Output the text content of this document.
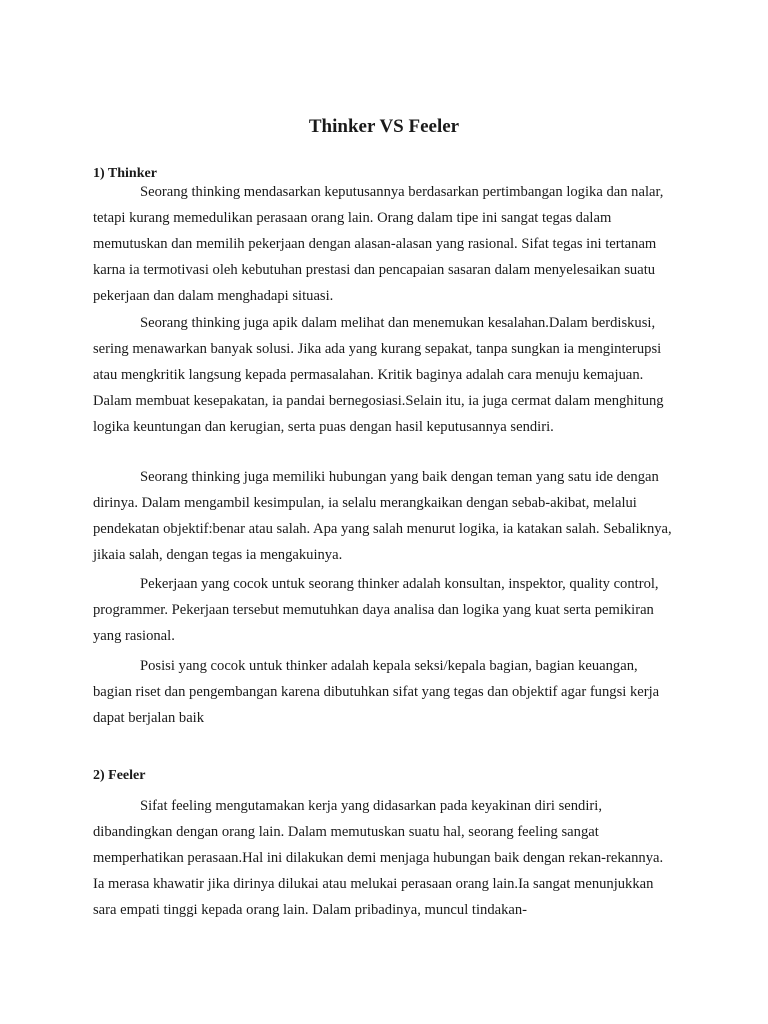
Thinker VS Feeler
1) Thinker

Seorang thinking mendasarkan keputusannya berdasarkan pertimbangan logika dan nalar, tetapi kurang memedulikan perasaan orang lain. Orang dalam tipe ini sangat tegas dalam memutuskan dan memilih pekerjaan dengan alasan-alasan yang rasional. Sifat tegas ini tertanam karna ia termotivasi oleh kebutuhan prestasi dan pencapaian sasaran dalam menyelesaikan suatu pekerjaan dan dalam menghadapi situasi.

Seorang thinking juga apik dalam melihat dan menemukan kesalahan.Dalam berdiskusi, sering menawarkan banyak solusi. Jika ada yang kurang sepakat, tanpa sungkan ia menginterupsi atau mengkritik langsung kepada permasalahan. Kritik baginya adalah cara menuju kemajuan. Dalam membuat kesepakatan, ia pandai bernegosiasi.Selain itu, ia juga cermat dalam menghitung logika keuntungan dan kerugian, serta puas dengan hasil keputusannya sendiri.

Seorang thinking juga memiliki hubungan yang baik dengan teman yang satu ide dengan dirinya. Dalam mengambil kesimpulan, ia selalu merangkaikan dengan sebab-akibat, melalui pendekatan objektif:benar atau salah. Apa yang salah menurut logika, ia katakan salah. Sebaliknya, jikaia salah, dengan tegas ia mengakuinya.

Pekerjaan yang cocok untuk seorang thinker adalah konsultan, inspektor, quality control, programmer. Pekerjaan tersebut memutuhkan daya analisa dan logika yang kuat serta pemikiran yang rasional.

Posisi yang cocok untuk thinker adalah kepala seksi/kepala bagian, bagian keuangan, bagian riset dan pengembangan karena dibutuhkan sifat yang tegas dan objektif agar fungsi kerja dapat berjalan baik

2) Feeler

Sifat feeling mengutamakan kerja yang didasarkan pada keyakinan diri sendiri, dibandingkan dengan orang lain. Dalam memutuskan suatu hal, seorang feeling sangat memperhatikan perasaan.Hal ini dilakukan demi menjaga hubungan baik dengan rekan-rekannya. Ia merasa khawatir jika dirinya dilukai atau melukai perasaan orang lain.Ia sangat menunjukkan sara empati tinggi kepada orang lain. Dalam pribadinya, muncul tindakan-
